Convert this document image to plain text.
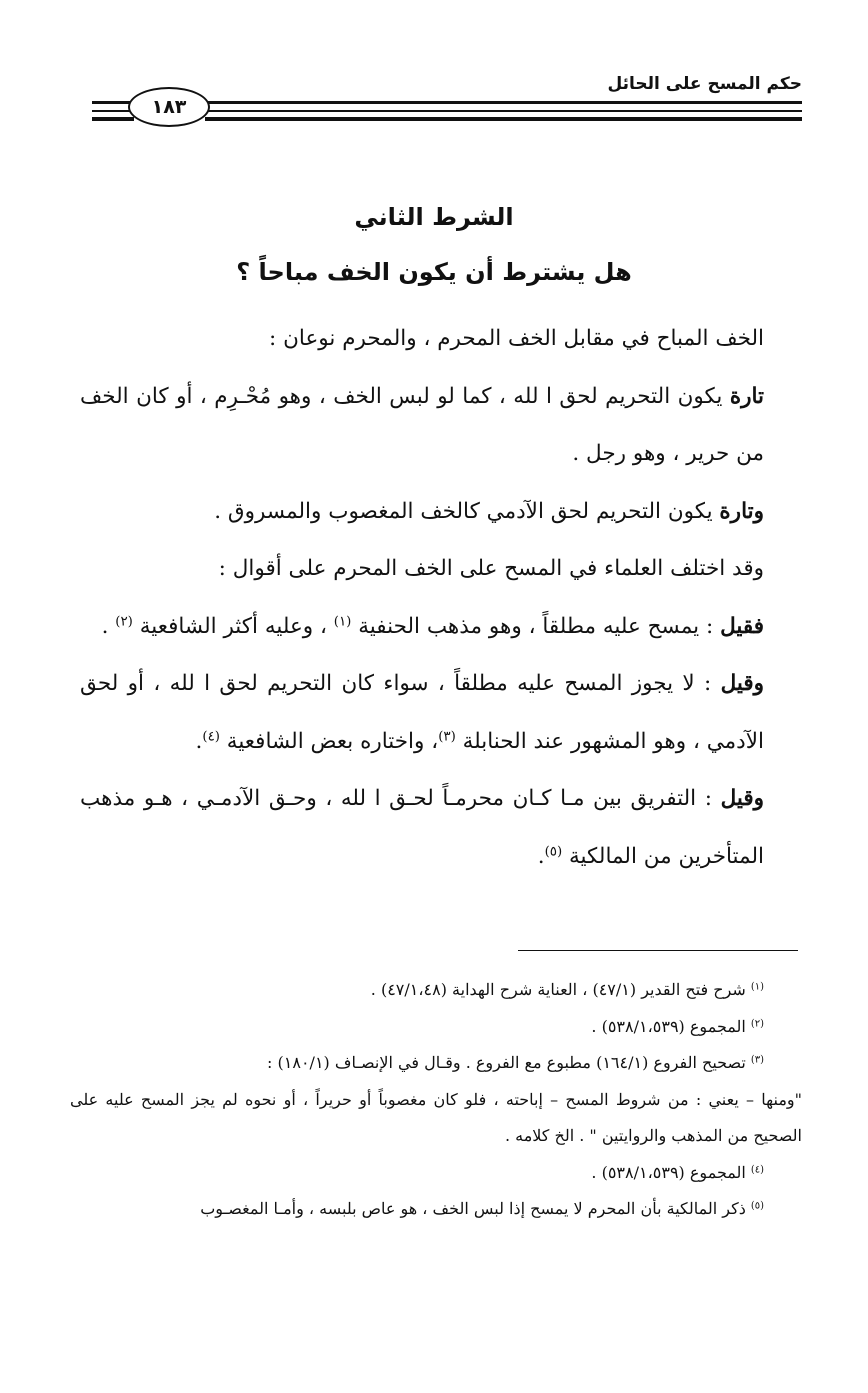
حكم المسح على الحائل
١٨٣
الشرط الثاني
هل يشترط أن يكون الخف مباحاً ؟

الخف المباح في مقابل الخف المحرم ، والمحرم نوعان :

تارة يكون التحريم لحق ا لله ، كما لو لبس الخف ، وهو مُحْـرِم ، أو كان الخف من حرير ، وهو رجل .

وتارة يكون التحريم لحق الآدمي كالخف المغصوب والمسروق .

وقد اختلف العلماء في المسح على الخف المحرم على أقوال :

فقيل : يمسح عليه مطلقاً ، وهو مذهب الحنفية $^{(١)}$ ، وعليه أكثر الشافعية $^{(٢)}$ .

وقيل : لا يجوز المسح عليه مطلقاً ، سواء كان التحريم لحق ا لله ، أو لحق الآدمي ، وهو المشهور عند الحنابلة $^{(٣)}$، واختاره بعض الشافعية $^{(٤)}$.

وقيل : التفريق بين مـا كـان محرمـاً لحـق ا لله ، وحـق الآدمـي ، هـو مذهب المتأخرين من المالكية $^{(٥)}$.

$^{(١)}$ شرح فتح القدير (٤٧/١) ، العناية شرح الهداية (٤٧/١،٤٨) .

$^{(٢)}$ المجموع (٥٣٨/١،٥٣٩) .

$^{(٣)}$ تصحيح الفروع (١٦٤/١) مطبوع مع الفروع . وقـال في الإنصـاف (١٨٠/١) :

"ومنها – يعني : من شروط المسح – إباحته ، فلو كان مغصوباً أو حريراً ، أو نحوه لم يجز المسح عليه على الصحيح من المذهب والروايتين " . الخ كلامه .

$^{(٤)}$ المجموع (٥٣٨/١،٥٣٩) .

$^{(٥)}$ ذكر المالكية بأن المحرم لا يمسح إذا لبس الخف ، هو عاص بلبسه ، وأمـا المغصـوب
